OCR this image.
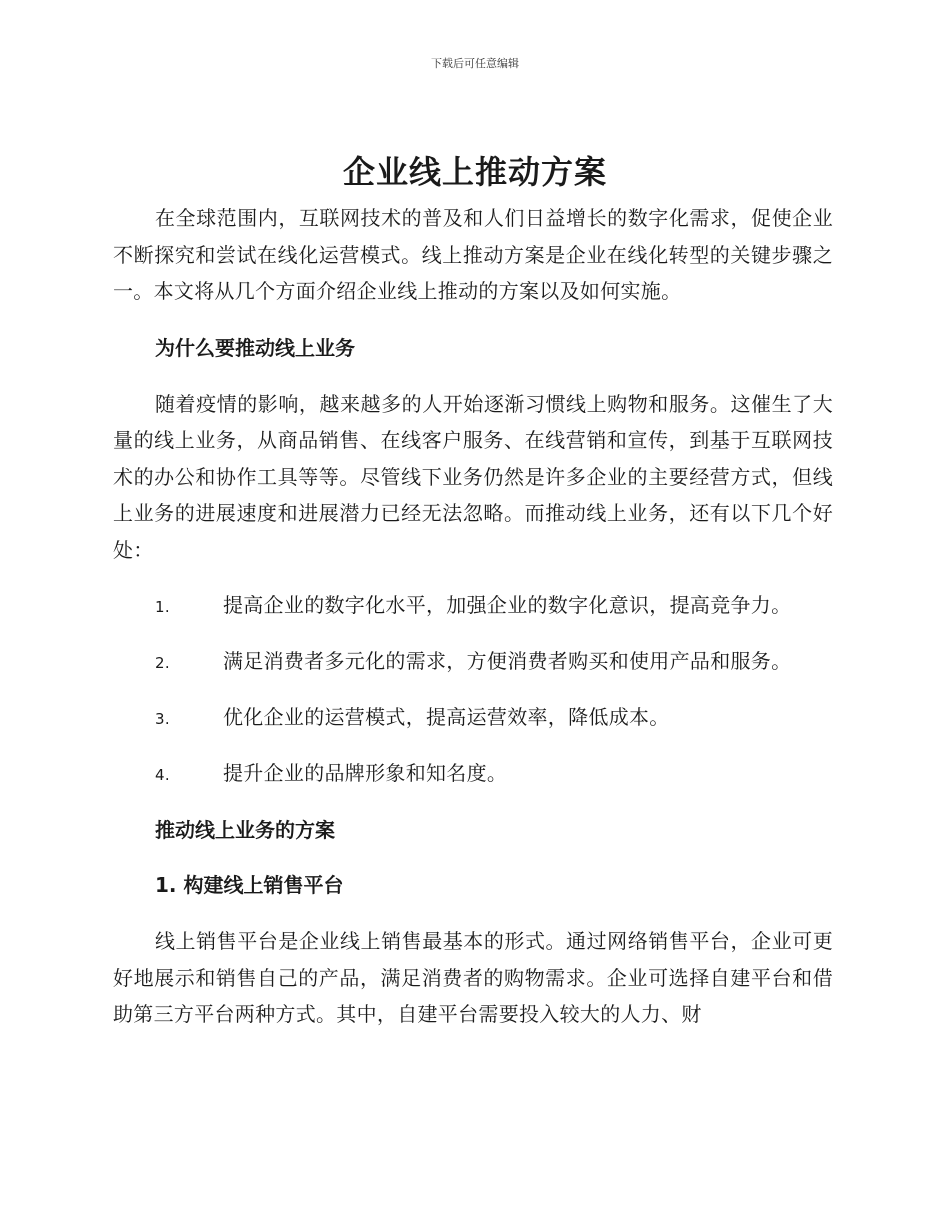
下载后可任意编辑
企业线上推动方案

在全球范围内，互联网技术的普及和人们日益增长的数字化需求，促使企业不断探究和尝试在线化运营模式。线上推动方案是企业在线化转型的关键步骤之一。本文将从几个方面介绍企业线上推动的方案以及如何实施。

为什么要推动线上业务

随着疫情的影响，越来越多的人开始逐渐习惯线上购物和服务。这催生了大量的线上业务，从商品销售、在线客户服务、在线营销和宣传，到基于互联网技术的办公和协作工具等等。尽管线下业务仍然是许多企业的主要经营方式，但线上业务的进展速度和进展潜力已经无法忽略。而推动线上业务，还有以下几个好处：

1.	提高企业的数字化水平，加强企业的数字化意识，提高竞争力。
2.	满足消费者多元化的需求，方便消费者购买和使用产品和服务。
3.	优化企业的运营模式，提高运营效率，降低成本。
4.	提升企业的品牌形象和知名度。
推动线上业务的方案
1. 构建线上销售平台

线上销售平台是企业线上销售最基本的形式。通过网络销售平台，企业可更好地展示和销售自己的产品，满足消费者的购物需求。企业可选择自建平台和借助第三方平台两种方式。其中，自建平台需要投入较大的人力、财
